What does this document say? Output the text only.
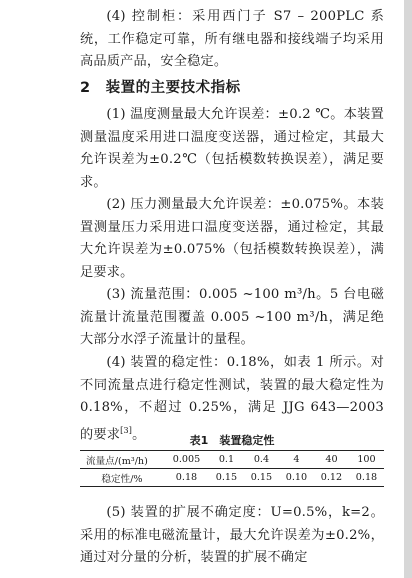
(4) 控制柜：采用西门子 S7 – 200PLC 系统，工作稳定可靠，所有继电器和接线端子均采用高品质产品，安全稳定。

2　装置的主要技术指标

(1) 温度测量最大允许误差：±0.2 ℃。本装置测量温度采用进口温度变送器，通过检定，其最大允许误差为±0.2℃（包括模数转换误差），满足要求。

(2) 压力测量最大允许误差：±0.075%。本装置测量压力采用进口温度变送器，通过检定，其最大允许误差为±0.075%（包括模数转换误差），满足要求。

(3) 流量范围：0.005 ~100 m³/h。5 台电磁流量计流量范围覆盖 0.005 ~100 m³/h，满足绝大部分水浮子流量计的量程。

(4) 装置的稳定性：0.18%，如表 1 所示。对不同流量点进行稳定性测试，装置的最大稳定性为 0.18%，不超过 0.25%，满足 JJG 643—2003 的要求[3]。	表1　装置稳定性
流量点/(m³/h)	0.005	0.1	0.4	4	40	100
稳定性/%	0.18	0.15	0.15	0.10	0.12	0.18

(5) 装置的扩展不确定度：U=0.5%，k=2。采用的标准电磁流量计，最大允许误差为±0.2%，通过对分量的分析，装置的扩展不确定
